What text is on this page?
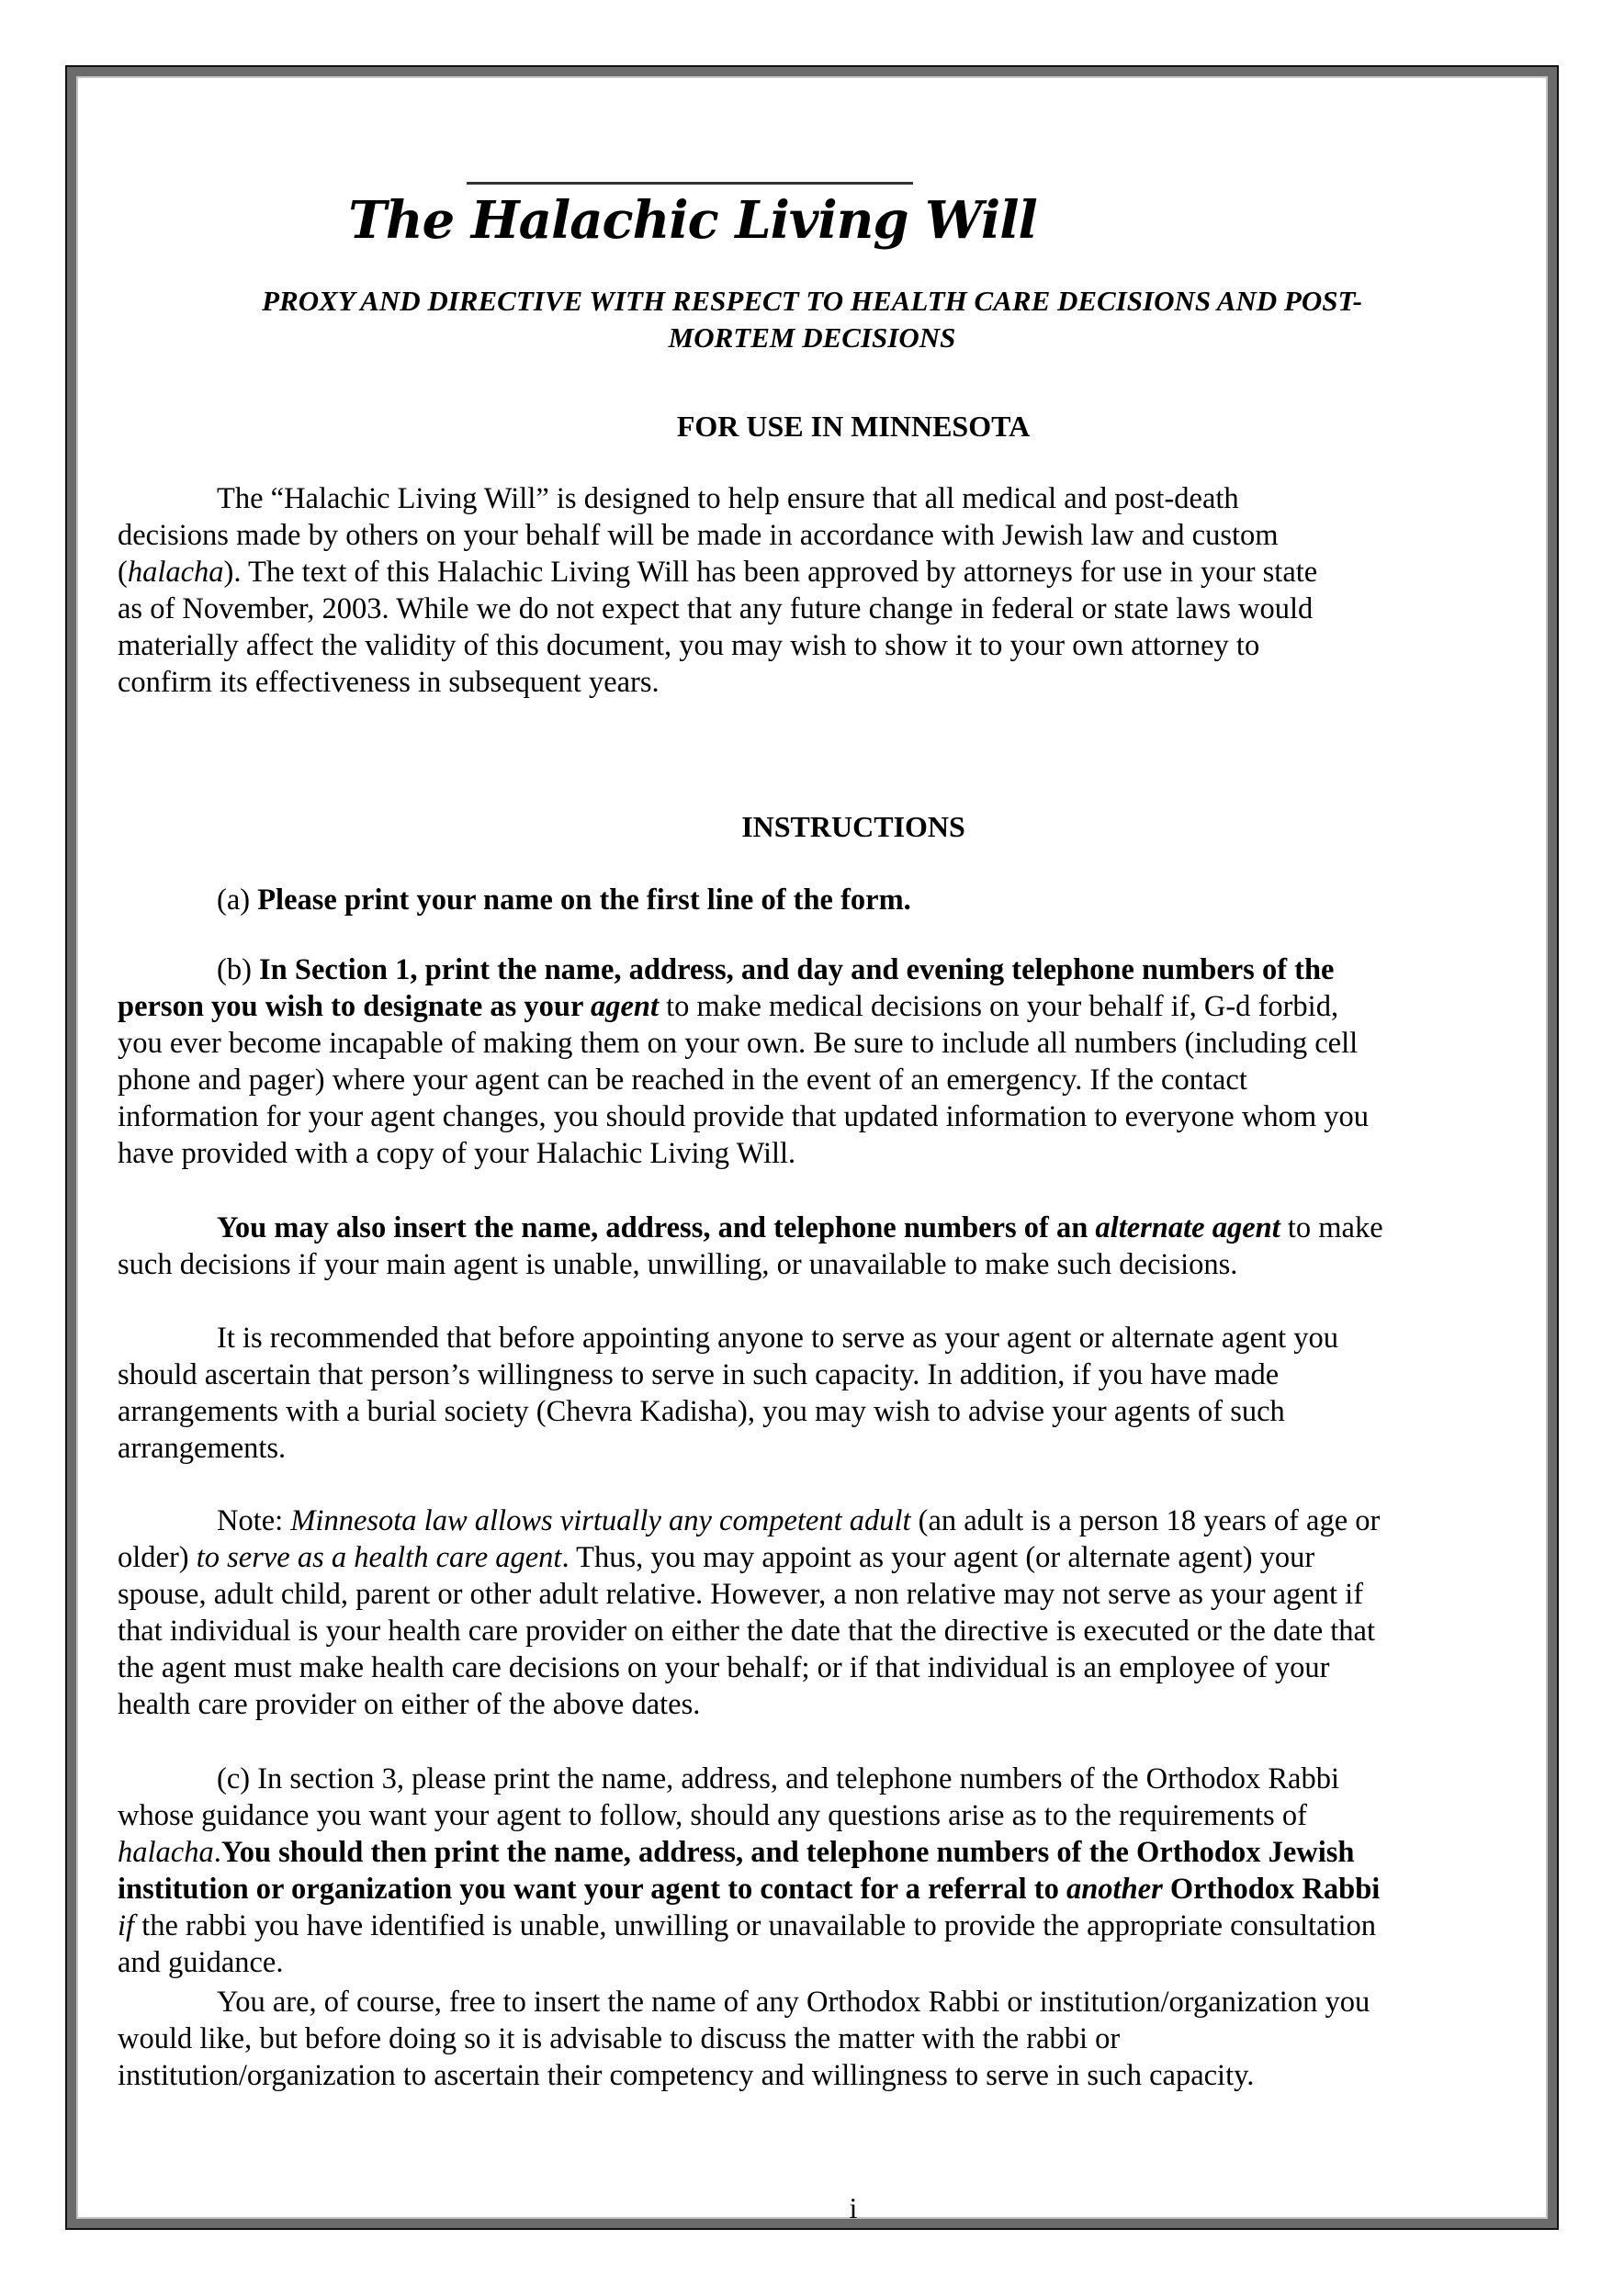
The Halachic Living Will
PROXY AND DIRECTIVE WITH RESPECT TO HEALTH CARE DECISIONS AND POST-
MORTEM DECISIONS
FOR USE IN MINNESOTA
The “Halachic Living Will” is designed to help ensure that all medical and post-death
decisions made by others on your behalf will be made in accordance with Jewish law and custom
(halacha). The text of this Halachic Living Will has been approved by attorneys for use in your state
as of November, 2003. While we do not expect that any future change in federal or state laws would
materially affect the validity of this document, you may wish to show it to your own attorney to
confirm its effectiveness in subsequent years.
INSTRUCTIONS
(a) Please print your name on the first line of the form.
(b) In Section 1, print the name, address, and day and evening telephone numbers of the
person you wish to designate as your agent to make medical decisions on your behalf if, G-d forbid,
you ever become incapable of making them on your own. Be sure to include all numbers (including cell
phone and pager) where your agent can be reached in the event of an emergency. If the contact
information for your agent changes, you should provide that updated information to everyone whom you
have provided with a copy of your Halachic Living Will.
You may also insert the name, address, and telephone numbers of an alternate agent to make
such decisions if your main agent is unable, unwilling, or unavailable to make such decisions.
It is recommended that before appointing anyone to serve as your agent or alternate agent you
should ascertain that person’s willingness to serve in such capacity. In addition, if you have made
arrangements with a burial society (Chevra Kadisha), you may wish to advise your agents of such
arrangements.
Note: Minnesota law allows virtually any competent adult (an adult is a person 18 years of age or
older) to serve as a health care agent. Thus, you may appoint as your agent (or alternate agent) your
spouse, adult child, parent or other adult relative. However, a non relative may not serve as your agent if
that individual is your health care provider on either the date that the directive is executed or the date that
the agent must make health care decisions on your behalf; or if that individual is an employee of your
health care provider on either of the above dates.
(c) In section 3, please print the name, address, and telephone numbers of the Orthodox Rabbi
whose guidance you want your agent to follow, should any questions arise as to the requirements of
halacha.You should then print the name, address, and telephone numbers of the Orthodox Jewish
institution or organization you want your agent to contact for a referral to another Orthodox Rabbi
if the rabbi you have identified is unable, unwilling or unavailable to provide the appropriate consultation
and guidance.
You are, of course, free to insert the name of any Orthodox Rabbi or institution/organization you
would like, but before doing so it is advisable to discuss the matter with the rabbi or
institution/organization to ascertain their competency and willingness to serve in such capacity.
i
